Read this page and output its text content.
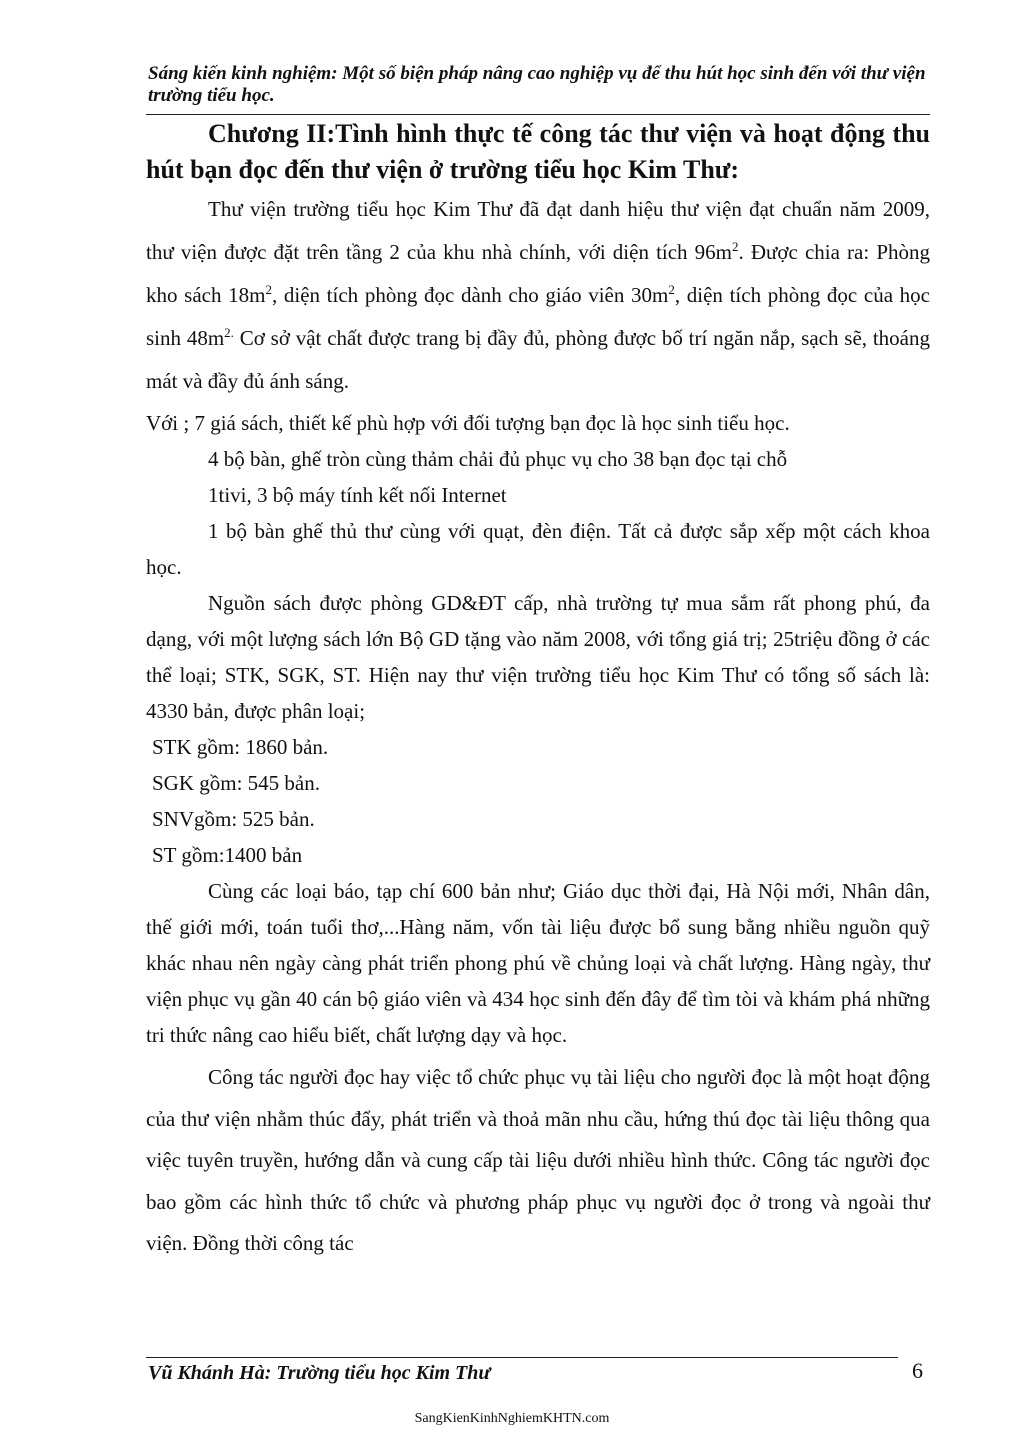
Sáng kiến kinh nghiệm: Một số biện pháp nâng cao nghiệp vụ để thu hút học sinh đến với thư viện trường tiểu học.
Chương II:Tình hình thực tế công tác thư viện và hoạt động thu hút bạn đọc đến thư viện ở trường tiểu học Kim Thư:

Thư viện trường tiểu học Kim Thư đã đạt danh hiệu thư viện đạt chuẩn năm 2009, thư viện được đặt trên tầng 2 của khu nhà chính, với diện tích $96m^2$. Được chia ra: Phòng kho sách $18m^2$, diện tích phòng đọc dành cho giáo viên $30m^2$, diện tích phòng đọc của học $\sinh 48m^{2.}$ Cơ sở vật chất được trang bị đầy đủ, phòng được bố trí ngăn nắp, sạch sẽ, thoáng mát và đầy đủ ánh sáng.

Với ; 7 giá sách, thiết kế phù hợp với đối tượng bạn đọc là học sinh tiểu học.

4 bộ bàn, ghế tròn cùng thảm chải đủ phục vụ cho 38 bạn đọc tại chỗ

1tivi, 3 bộ máy tính kết nối Internet

1 bộ bàn ghế thủ thư cùng với quạt, đèn điện. Tất cả được sắp xếp một cách khoa học.

Nguồn sách được phòng GD&ĐT cấp, nhà trường tự mua sắm rất phong phú, đa dạng, với một lượng sách lớn Bộ GD tặng vào năm 2008, với tổng giá trị; 25triệu đồng ở các thể loại; STK, SGK, ST. Hiện nay thư viện trường tiểu học Kim Thư có tổng số sách là: 4330 bản, được phân loại;

STK gồm: 1860 bản.

SGK gồm: 545 bản.

SNVgồm: 525 bản.

ST gồm:1400 bản

Cùng các loại báo, tạp chí 600 bản như; Giáo dục thời đại, Hà Nội mới, Nhân dân, thế giới mới, toán tuổi thơ,...Hàng năm, vốn tài liệu được bổ sung bằng nhiều nguồn quỹ khác nhau nên ngày càng phát triển phong phú về chủng loại và chất lượng. Hàng ngày, thư viện phục vụ gần 40 cán bộ giáo viên và 434 học sinh đến đây để tìm tòi và khám phá những tri thức nâng cao hiểu biết, chất lượng dạy và học.

Công tác người đọc hay việc tổ chức phục vụ tài liệu cho người đọc là một hoạt động của thư viện nhằm thúc đẩy, phát triển và thoả mãn nhu cầu, hứng thú đọc tài liệu thông qua việc tuyên truyền, hướng dẫn và cung cấp tài liệu dưới nhiều hình thức. Công tác người đọc bao gồm các hình thức tổ chức và phương pháp phục vụ người đọc ở trong và ngoài thư viện. Đồng thời công tác

Vũ Khánh Hà: Trường tiểu học Kim Thư	6
SangKienKinhNghiemKHTN.com
